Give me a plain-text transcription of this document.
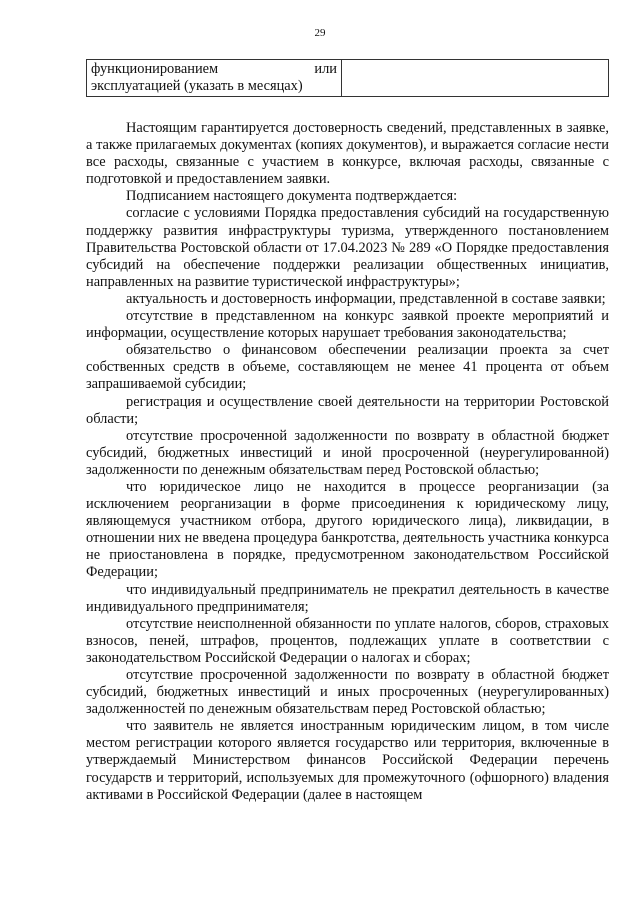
29
функционированием или
эксплуатацией (указать в месяцах)

Настоящим гарантируется достоверность сведений, представленных в заявке, а также прилагаемых документах (копиях документов), и выражается согласие нести все расходы, связанные с участием в конкурсе, включая расходы, связанные с подготовкой и предоставлением заявки.

Подписанием настоящего документа подтверждается:

согласие с условиями Порядка предоставления субсидий на государственную поддержку развития инфраструктуры туризма, утвержденного постановлением Правительства Ростовской области от 17.04.2023 № 289 «О Порядке предоставления субсидий на обеспечение поддержки реализации общественных инициатив, направленных на развитие туристической инфраструктуры»;

актуальность и достоверность информации, представленной в составе заявки;

отсутствие в представленном на конкурс заявкой проекте мероприятий и информации, осуществление которых нарушает требования законодательства;

обязательство о финансовом обеспечении реализации проекта за счет собственных средств в объеме, составляющем не менее 41 процента от объем запрашиваемой субсидии;

регистрация и осуществление своей деятельности на территории Ростовской области;

отсутствие просроченной задолженности по возврату в областной бюджет субсидий, бюджетных инвестиций и иной просроченной (неурегулированной) задолженности по денежным обязательствам перед Ростовской областью;

что юридическое лицо не находится в процессе реорганизации (за исключением реорганизации в форме присоединения к юридическому лицу, являющемуся участником отбора, другого юридического лица), ликвидации, в отношении них не введена процедура банкротства, деятельность участника конкурса не приостановлена в порядке, предусмотренном законодательством Российской Федерации;

что индивидуальный предприниматель не прекратил деятельность в качестве индивидуального предпринимателя;

отсутствие неисполненной обязанности по уплате налогов, сборов, страховых взносов, пеней, штрафов, процентов, подлежащих уплате в соответствии с законодательством Российской Федерации о налогах и сборах;

отсутствие просроченной задолженности по возврату в областной бюджет субсидий, бюджетных инвестиций и иных просроченных (неурегулированных) задолженностей по денежным обязательствам перед Ростовской областью;

что заявитель не является иностранным юридическим лицом, в том числе местом регистрации которого является государство или территория, включенные в утверждаемый Министерством финансов Российской Федерации перечень государств и территорий, используемых для промежуточного (офшорного) владения активами в Российской Федерации (далее в настоящем
